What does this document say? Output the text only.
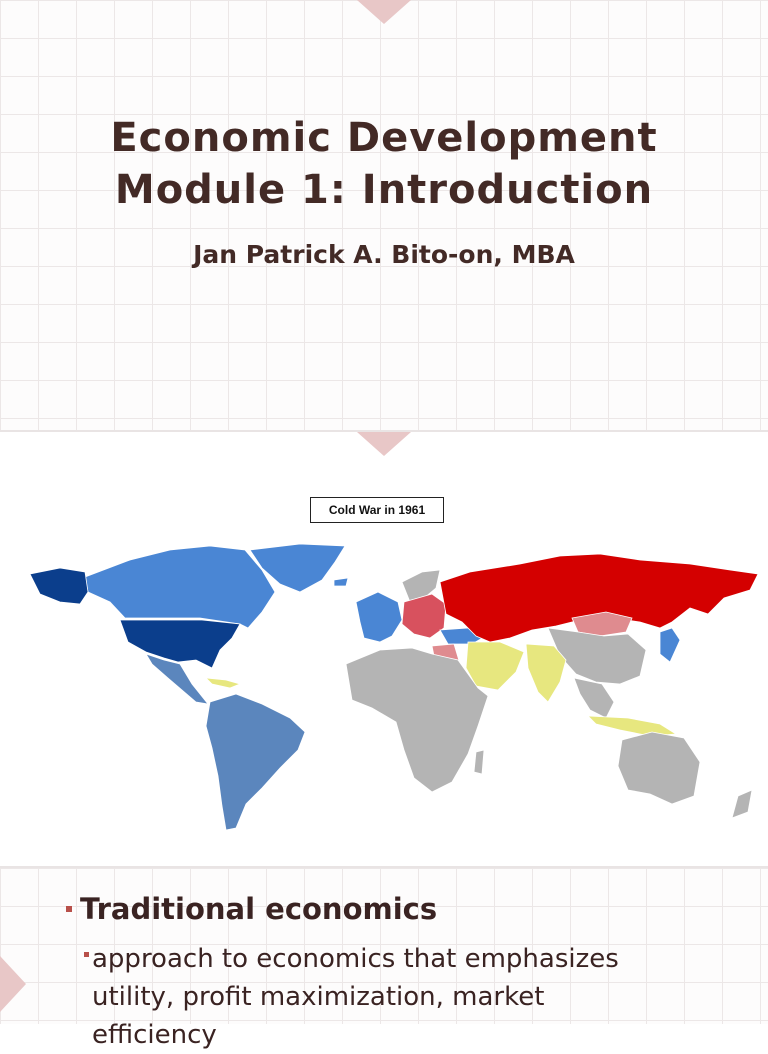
Economic Development
Module 1: Introduction
Jan Patrick A. Bito-on, MBA
Cold War in 1961
Traditional economics
approach to economics that emphasizes
utility, profit maximization, market
efficiency
